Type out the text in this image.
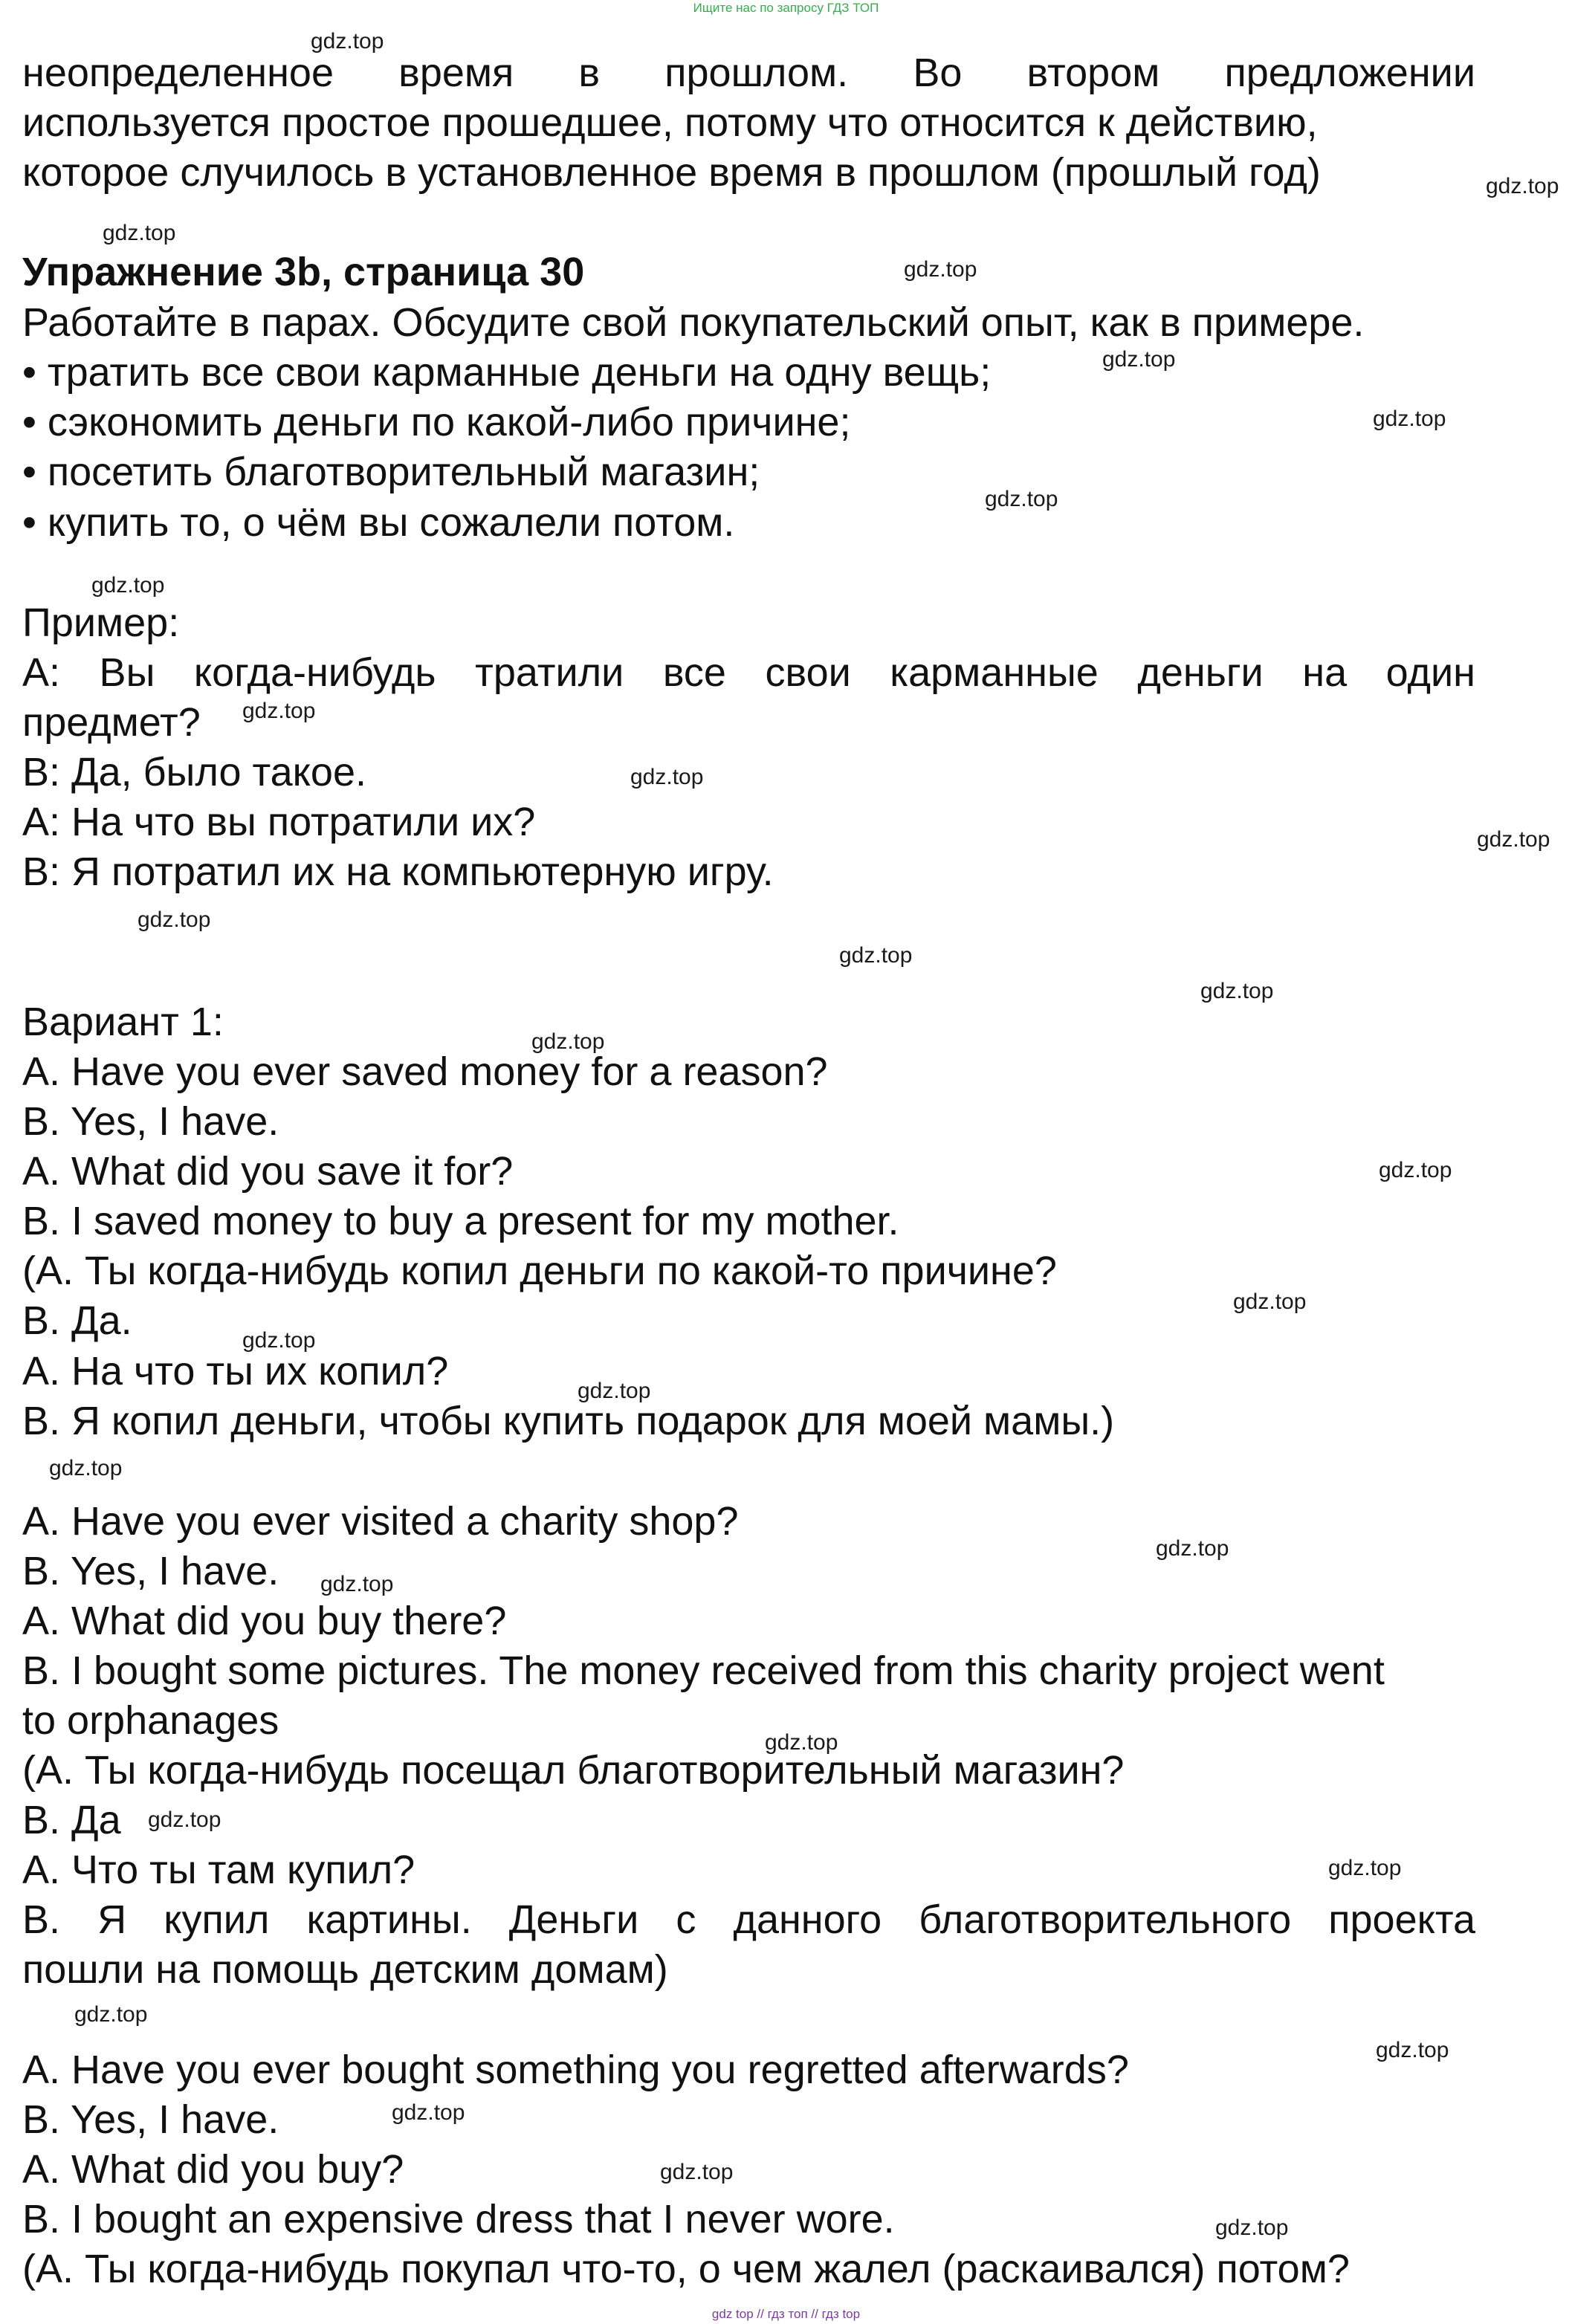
Ищите нас по запросу ГДЗ ТОП
неопределенное время в прошлом. Во втором предложении
используется простое прошедшее, потому что относится к действию,
которое случилось в установленное время в прошлом (прошлый год)
Упражнение 3b, страница 30
Работайте в парах. Обсудите свой покупательский опыт, как в примере.
• тратить все свои карманные деньги на одну вещь;
• сэкономить деньги по какой-либо причине;
• посетить благотворительный магазин;
• купить то, о чём вы сожалели потом.
Пример:
А: Вы когда-нибудь тратили все свои карманные деньги на один
предмет?
В: Да, было такое.
А: На что вы потратили их?
В: Я потратил их на компьютерную игру.
Вариант 1:
A. Have you ever saved money for a reason?
B. Yes, I have.
A. What did you save it for?
B. I saved money to buy a present for my mother.
(А. Ты когда-нибудь копил деньги по какой-то причине?
В. Да.
А. На что ты их копил?
В. Я копил деньги, чтобы купить подарок для моей мамы.)
A. Have you ever visited a charity shop?
B. Yes, I have.
A. What did you buy there?
B. I bought some pictures. The money received from this charity project went
to orphanages
(А. Ты когда-нибудь посещал благотворительный магазин?
В. Да
А. Что ты там купил?
В. Я купил картины. Деньги с данного благотворительного проекта
пошли на помощь детским домам)
A. Have you ever bought something you regretted afterwards?
B. Yes, I have.
A. What did you buy?
B. I bought an expensive dress that I never wore.
(А. Ты когда-нибудь покупал что-то, о чем жалел (раскаивался) потом?
gdz.top
gdz.top
gdz.top
gdz.top
gdz.top
gdz.top
gdz.top
gdz.top
gdz.top
gdz.top
gdz.top
gdz.top
gdz.top
gdz.top
gdz.top
gdz.top
gdz.top
gdz.top
gdz.top
gdz.top
gdz.top
gdz.top
gdz.top
gdz.top
gdz.top
gdz.top
gdz.top
gdz.top
gdz.top
gdz.top
gdz top // гдз топ // гдз top
